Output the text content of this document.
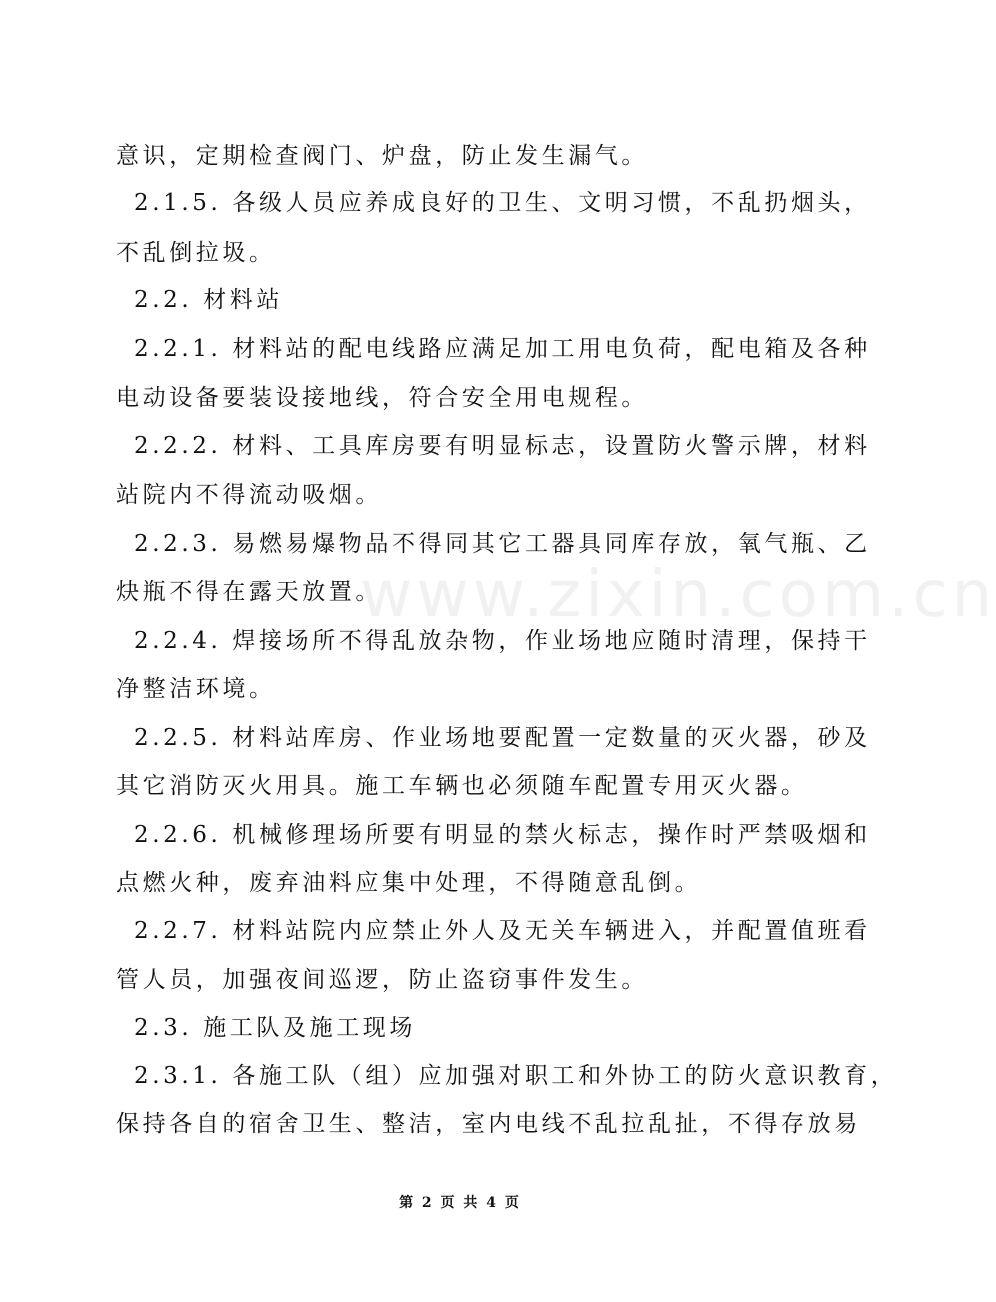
意识，定期检查阀门、炉盘，防止发生漏气。
2.1.5. 各级人员应养成良好的卫生、文明习惯，不乱扔烟头，
不乱倒拉圾。
2.2. 材料站
2.2.1. 材料站的配电线路应满足加工用电负荷，配电箱及各种
电动设备要装设接地线，符合安全用电规程。
2.2.2. 材料、工具库房要有明显标志，设置防火警示牌，材料
站院内不得流动吸烟。
2.2.3. 易燃易爆物品不得同其它工器具同库存放，氧气瓶、乙
炔瓶不得在露天放置。
2.2.4. 焊接场所不得乱放杂物，作业场地应随时清理，保持干
净整洁环境。
2.2.5. 材料站库房、作业场地要配置一定数量的灭火器，砂及
其它消防灭火用具。施工车辆也必须随车配置专用灭火器。
2.2.6. 机械修理场所要有明显的禁火标志，操作时严禁吸烟和
点燃火种，废弃油料应集中处理，不得随意乱倒。
2.2.7. 材料站院内应禁止外人及无关车辆进入，并配置值班看
管人员，加强夜间巡逻，防止盗窃事件发生。
2.3. 施工队及施工现场
2.3.1. 各施工队（组）应加强对职工和外协工的防火意识教育，
保持各自的宿舍卫生、整洁，室内电线不乱拉乱扯，不得存放易
www.zixin.com.cn
第 2 页 共 4 页
